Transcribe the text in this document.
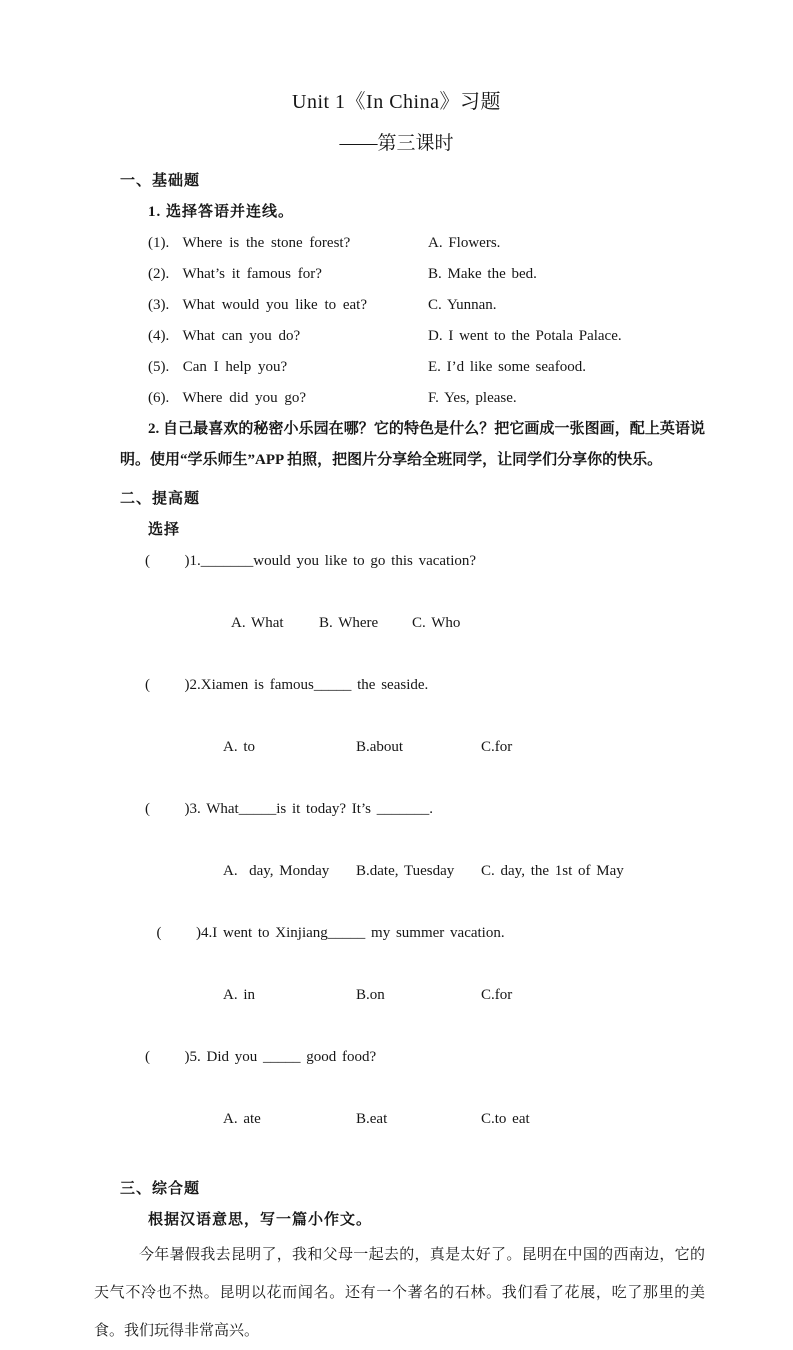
Unit 1《In China》习题
——第三课时
一、基础题
1. 选择答语并连线。
(1).  Where is the stone forest?	A. Flowers.
(2).  What’s it famous for?	B. Make the bed.
(3).  What would you like to eat?	C. Yunnan.
(4).  What can you do?	D. I went to the Potala Palace.
(5).  Can I help you?	E. I’d like some seafood.
(6).  Where did you go?	F. Yes, please.

2. 自己最喜欢的秘密小乐园在哪？它的特色是什么？把它画成一张图画，配上英语说明。使用“学乐师生”APP 拍照，把图片分享给全班同学，让同学们分享你的快乐。

二、提高题
选择
(      )1._______would you like to go this vacation?

A. What B. Where C. Who

(      )2.Xiamen is famous_____ the seaside.

A. to	B.about	C.for

(      )3. What_____is it today? It’s _______.

A.  day, Monday B.date, Tuesday C. day, the 1st of May

(      )4.I went to Xinjiang_____ my summer vacation.

A. in	B.on	C.for

(      )5. Did you _____ good food?

A. ate	B.eat	C.to eat

三、综合题
根据汉语意思，写一篇小作文。

今年暑假我去昆明了，我和父母一起去的，真是太好了。昆明在中国的西南边，它的天气不冷也不热。昆明以花而闻名。还有一个著名的石林。我们看了花展，吃了那里的美食。我们玩得非常高兴。
